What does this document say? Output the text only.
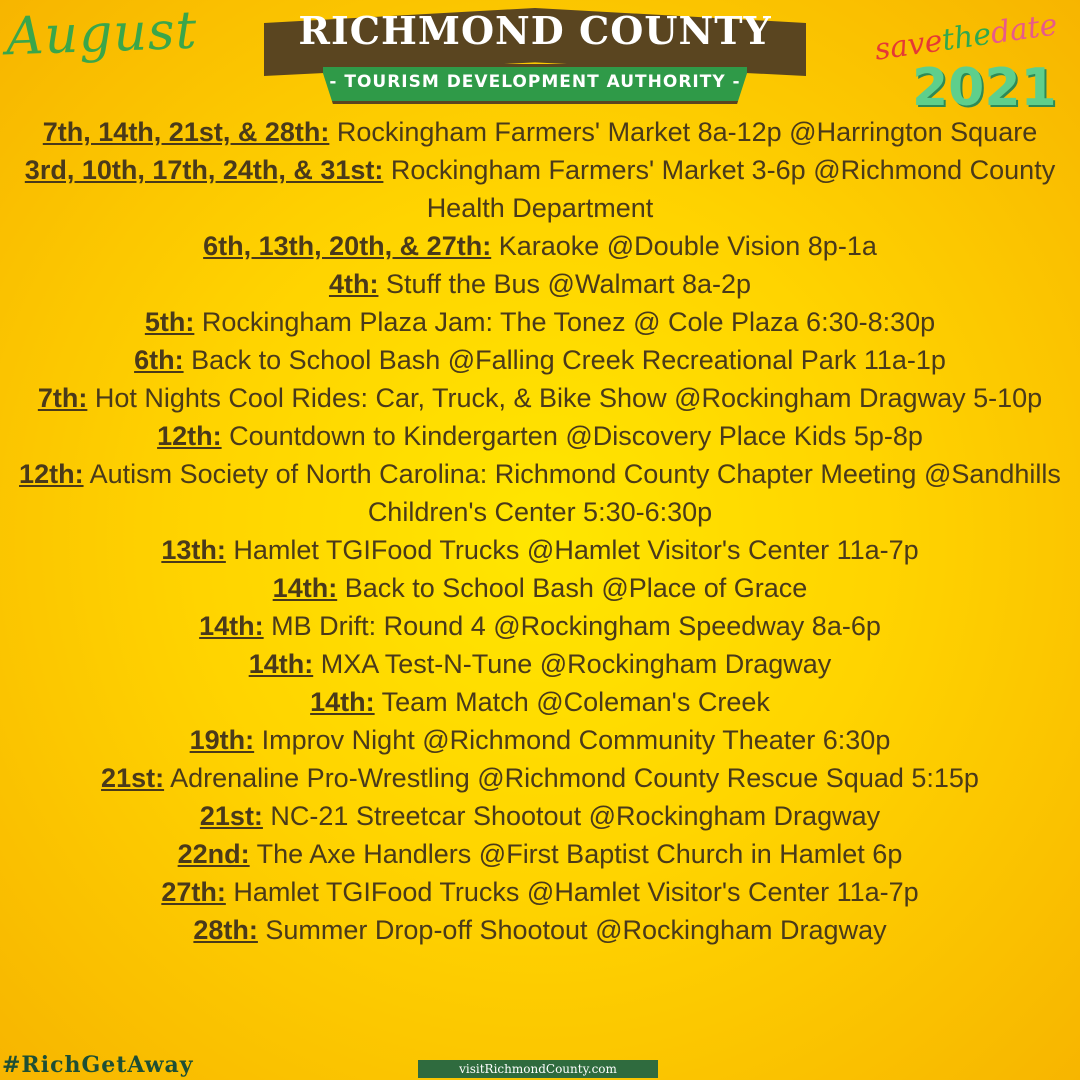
August	RICHMOND COUNTY
- TOURISM DEVELOPMENT AUTHORITY -
savethedate
2021
7th, 14th, 21st, & 28th: Rockingham Farmers' Market 8a-12p @Harrington Square
3rd, 10th, 17th, 24th, & 31st: Rockingham Farmers' Market 3-6p @Richmond County Health Department
6th, 13th, 20th, & 27th: Karaoke @Double Vision 8p-1a
4th: Stuff the Bus @Walmart 8a-2p
5th: Rockingham Plaza Jam: The Tonez @ Cole Plaza 6:30-8:30p
6th: Back to School Bash @Falling Creek Recreational Park 11a-1p
7th: Hot Nights Cool Rides: Car, Truck, & Bike Show @Rockingham Dragway 5-10p
12th: Countdown to Kindergarten @Discovery Place Kids 5p-8p
12th: Autism Society of North Carolina: Richmond County Chapter Meeting @Sandhills Children's Center 5:30-6:30p
13th: Hamlet TGIFood Trucks @Hamlet Visitor's Center 11a-7p
14th: Back to School Bash @Place of Grace
14th: MB Drift: Round 4 @Rockingham Speedway 8a-6p
14th: MXA Test-N-Tune @Rockingham Dragway
14th: Team Match @Coleman's Creek
19th: Improv Night @Richmond Community Theater 6:30p
21st: Adrenaline Pro-Wrestling @Richmond County Rescue Squad 5:15p
21st: NC-21 Streetcar Shootout @Rockingham Dragway
22nd: The Axe Handlers @First Baptist Church in Hamlet 6p
27th: Hamlet TGIFood Trucks @Hamlet Visitor's Center 11a-7p
28th: Summer Drop-off Shootout @Rockingham Dragway
#RichGetAway	visitRichmondCounty.com
